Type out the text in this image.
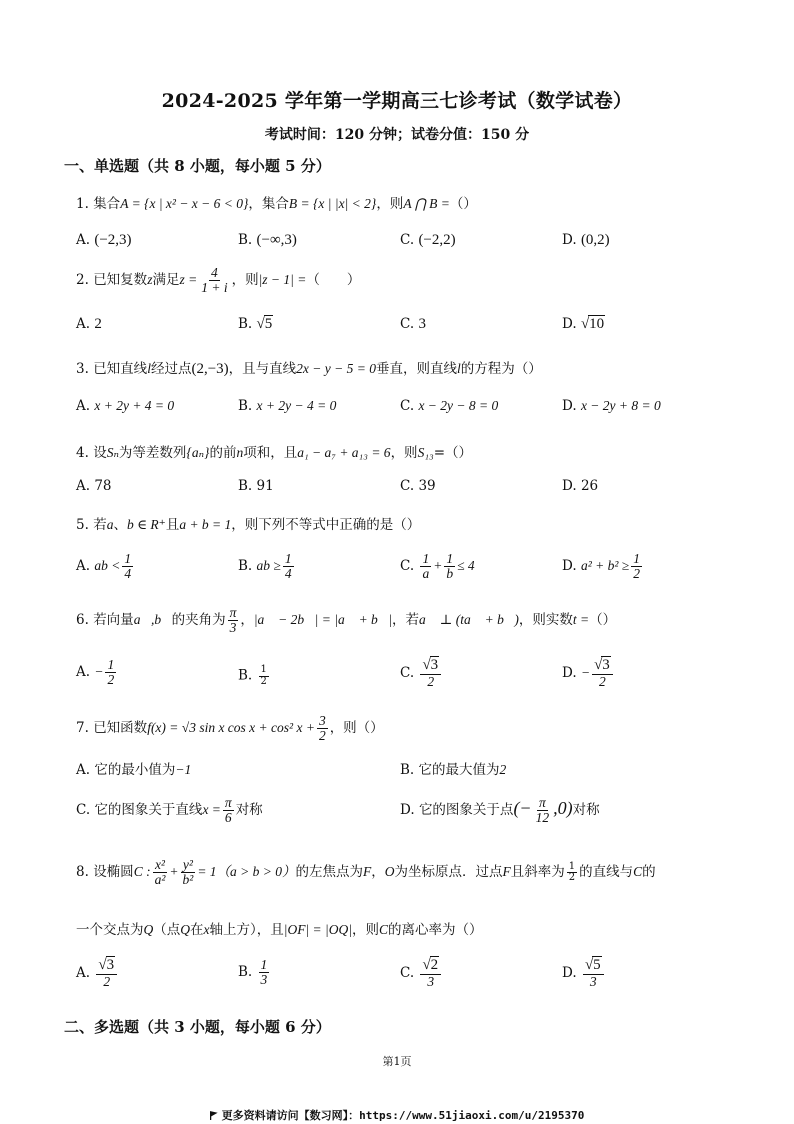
2024-2025 学年第一学期高三七诊考试（数学试卷）
考试时间：120 分钟；试卷分值：150 分
一、单选题（共 8 小题，每小题 5 分）
1. 集合A = {x | x² − x − 6 < 0}，集合B = {x | |x| < 2}，则A ⋂ B =（）
A. (−2,3)	B. (−∞,3)	C. (−2,2)	D. (0,2)
2. 已知复数z满足$z = \frac{4}{1 + i}$ ，则|z − 1| =（　　）
A. 2	B. √5	C. 3	D. √10
3. 已知直线l经过点(2,−3)，且与直线2x − y − 5 = 0垂直，则直线l的方程为（）
A. x + 2y + 4 = 0	B. x + 2y − 4 = 0	C. x − 2y − 8 = 0	D. x − 2y + 8 = 0
4. 设Sₙ为等差数列{aₙ}的前n项和，且a₁ − a₇ + a₁₃ = 6，则S₁₃=（）
A. 78	B. 91	C. 39	D. 26
5. 若a、b ∈ R⁺且a + b = 1，则下列不等式中正确的是（）
A. ab < $\frac{1}{4}$	B. ab ≥ $\frac{1}{4}$	C. $\frac{1}{a} + \frac{1}{b} \le 4$	D. $a^2 + b^2 \ge \frac{1}{2}$
6. 若向量a⃗,b⃗的夹角为 $\frac{\pi}{3}$ ，|a⃗ − 2b⃗| = |a⃗ + b⃗|，若a⃗ ⊥ (ta⃗ + b⃗)，则实数t =（）
A. − $\frac{1}{2}$	B. $\frac{1}{2}$	C. $\frac{√3}{2}$	D. − $\frac{√3}{2}$
7. 已知函数f(x) = √3 sin x cos x + cos² $x + \frac{3}{2}$ ，则（）
A. 它的最小值为−1	B. 它的最大值为2
C. 它的图象关于直线$x = \frac{\pi}{6}$ 对称	D. 它的图象关于点(− $\frac{\pi}{12} ,0$)对称
8. 设椭圆C : $\frac{\text{x²}}{\text{a²}} + \frac{\text{y²}}{\text{b²}} = 1(a > b > 0)$的左焦点为F，O为坐标原点．过点F且斜率为 $\frac{1}{2}$ 的直线与C的
一个交点为Q（点Q在x轴上方），且|OF| = |OQ|，则C的离心率为（）
A. $\frac{√3}{2}$	B. $\frac{1}{3}$	C. $\frac{√2}{3}$	D. $\frac{√5}{3}$
二、多选题（共 3 小题，每小题 6 分）
第1页
更多资料请访问【数习网】：https://www.51jiaoxi.com/u/2195370
